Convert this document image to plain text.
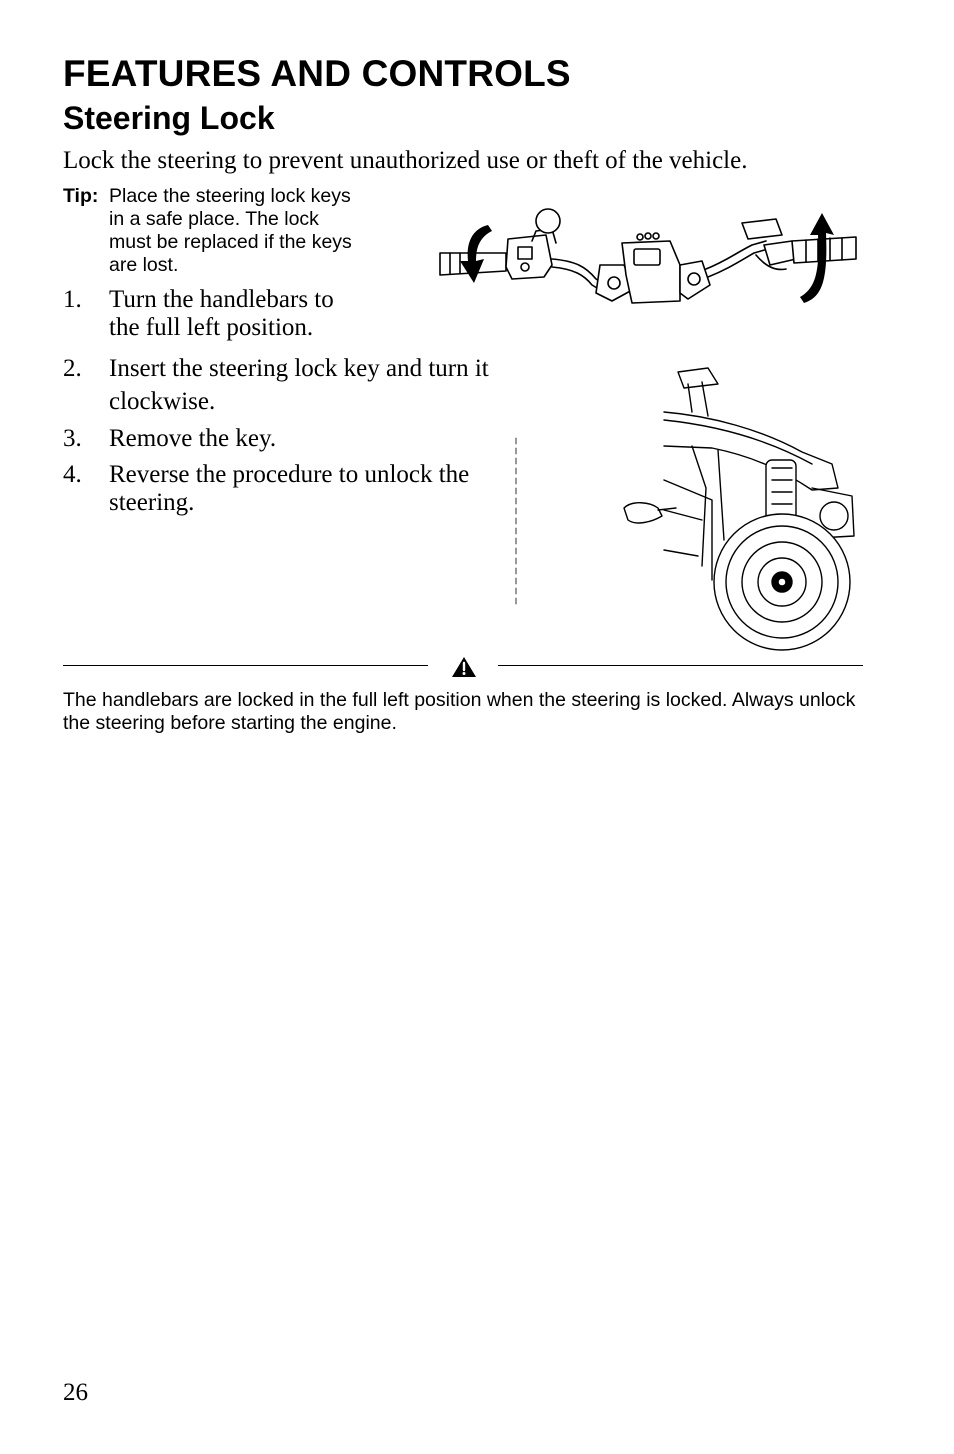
FEATURES AND CONTROLS
Steering Lock

Lock the steering to prevent unauthorized use or theft of the vehicle.

Tip: Place the steering lock keys in a safe place. The lock must be replaced if the keys are lost.
1. Turn the handlebars to the full left position.
2. Insert the steering lock key and turn it clockwise.
3. Remove the key.
4. Reverse the procedure to unlock the steering.

The handlebars are locked in the full left position when the steering is locked. Always unlock the steering before starting the engine.

26
